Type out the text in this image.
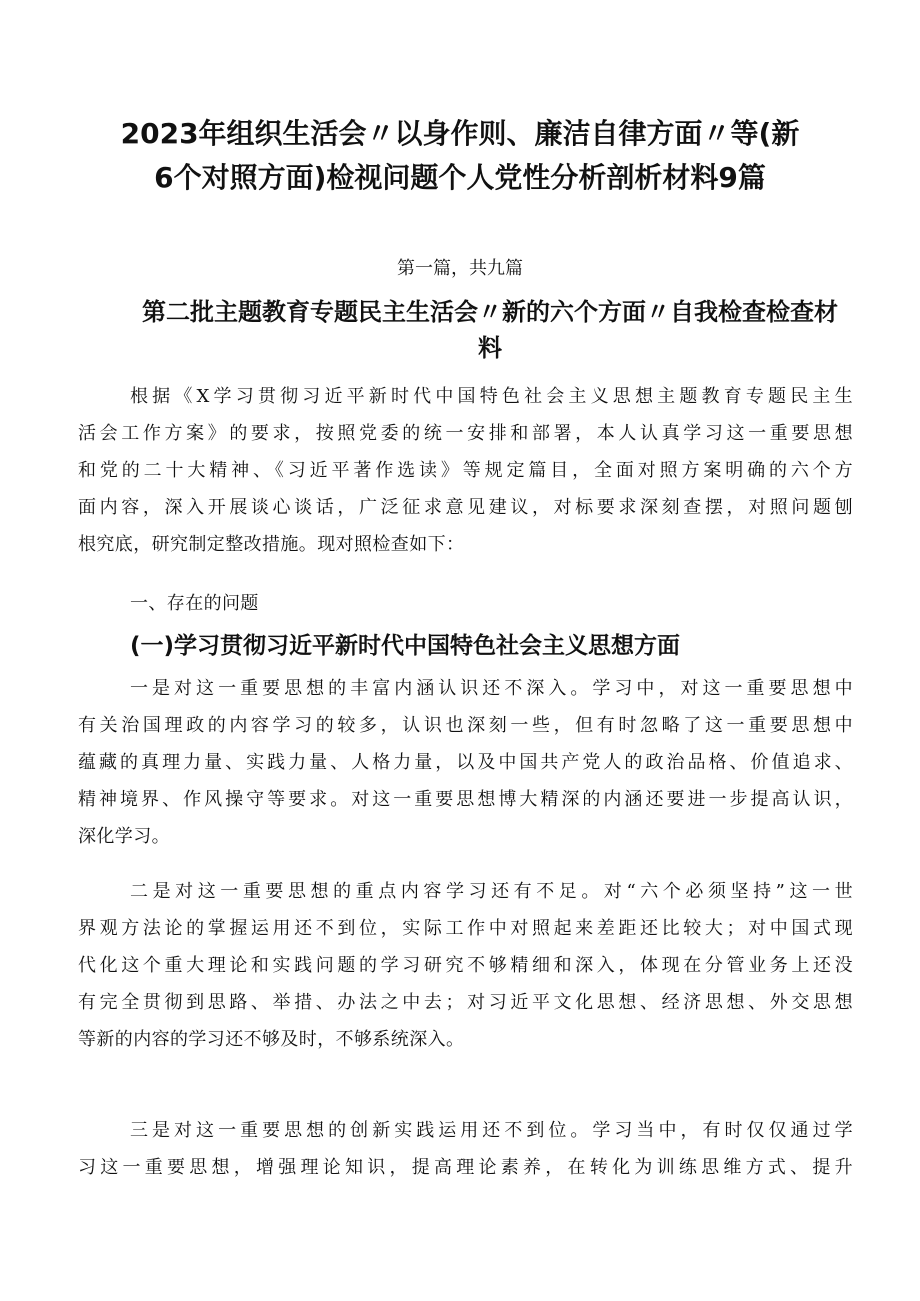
2023年组织生活会〃以身作则、廉洁自律方面〃等(新
6个对照方面)检视问题个人党性分析剖析材料9篇
第一篇，共九篇
第二批主题教育专题民主生活会〃新的六个方面〃自我检查检查材
料
根据《X学习贯彻习近平新时代中国特色社会主义思想主题教育专题民主生
活会工作方案》的要求，按照党委的统一安排和部署，本人认真学习这一重要思想
和党的二十大精神、《习近平著作选读》等规定篇目，全面对照方案明确的六个方
面内容，深入开展谈心谈话，广泛征求意见建议，对标要求深刻查摆，对照问题刨
根究底，研究制定整改措施。现对照检查如下：
一、存在的问题
(一)学习贯彻习近平新时代中国特色社会主义思想方面
一是对这一重要思想的丰富内涵认识还不深入。学习中，对这一重要思想中
有关治国理政的内容学习的较多，认识也深刻一些，但有时忽略了这一重要思想中
蕴藏的真理力量、实践力量、人格力量，以及中国共产党人的政治品格、价值追求、
精神境界、作风操守等要求。对这一重要思想博大精深的内涵还要进一步提高认识，
深化学习。
二是对这一重要思想的重点内容学习还有不足。对“六个必须坚持”这一世
界观方法论的掌握运用还不到位，实际工作中对照起来差距还比较大；对中国式现
代化这个重大理论和实践问题的学习研究不够精细和深入，体现在分管业务上还没
有完全贯彻到思路、举措、办法之中去；对习近平文化思想、经济思想、外交思想
等新的内容的学习还不够及时，不够系统深入。
三是对这一重要思想的创新实践运用还不到位。学习当中，有时仅仅通过学
习这一重要思想，增强理论知识，提高理论素养，在转化为训练思维方式、提升
